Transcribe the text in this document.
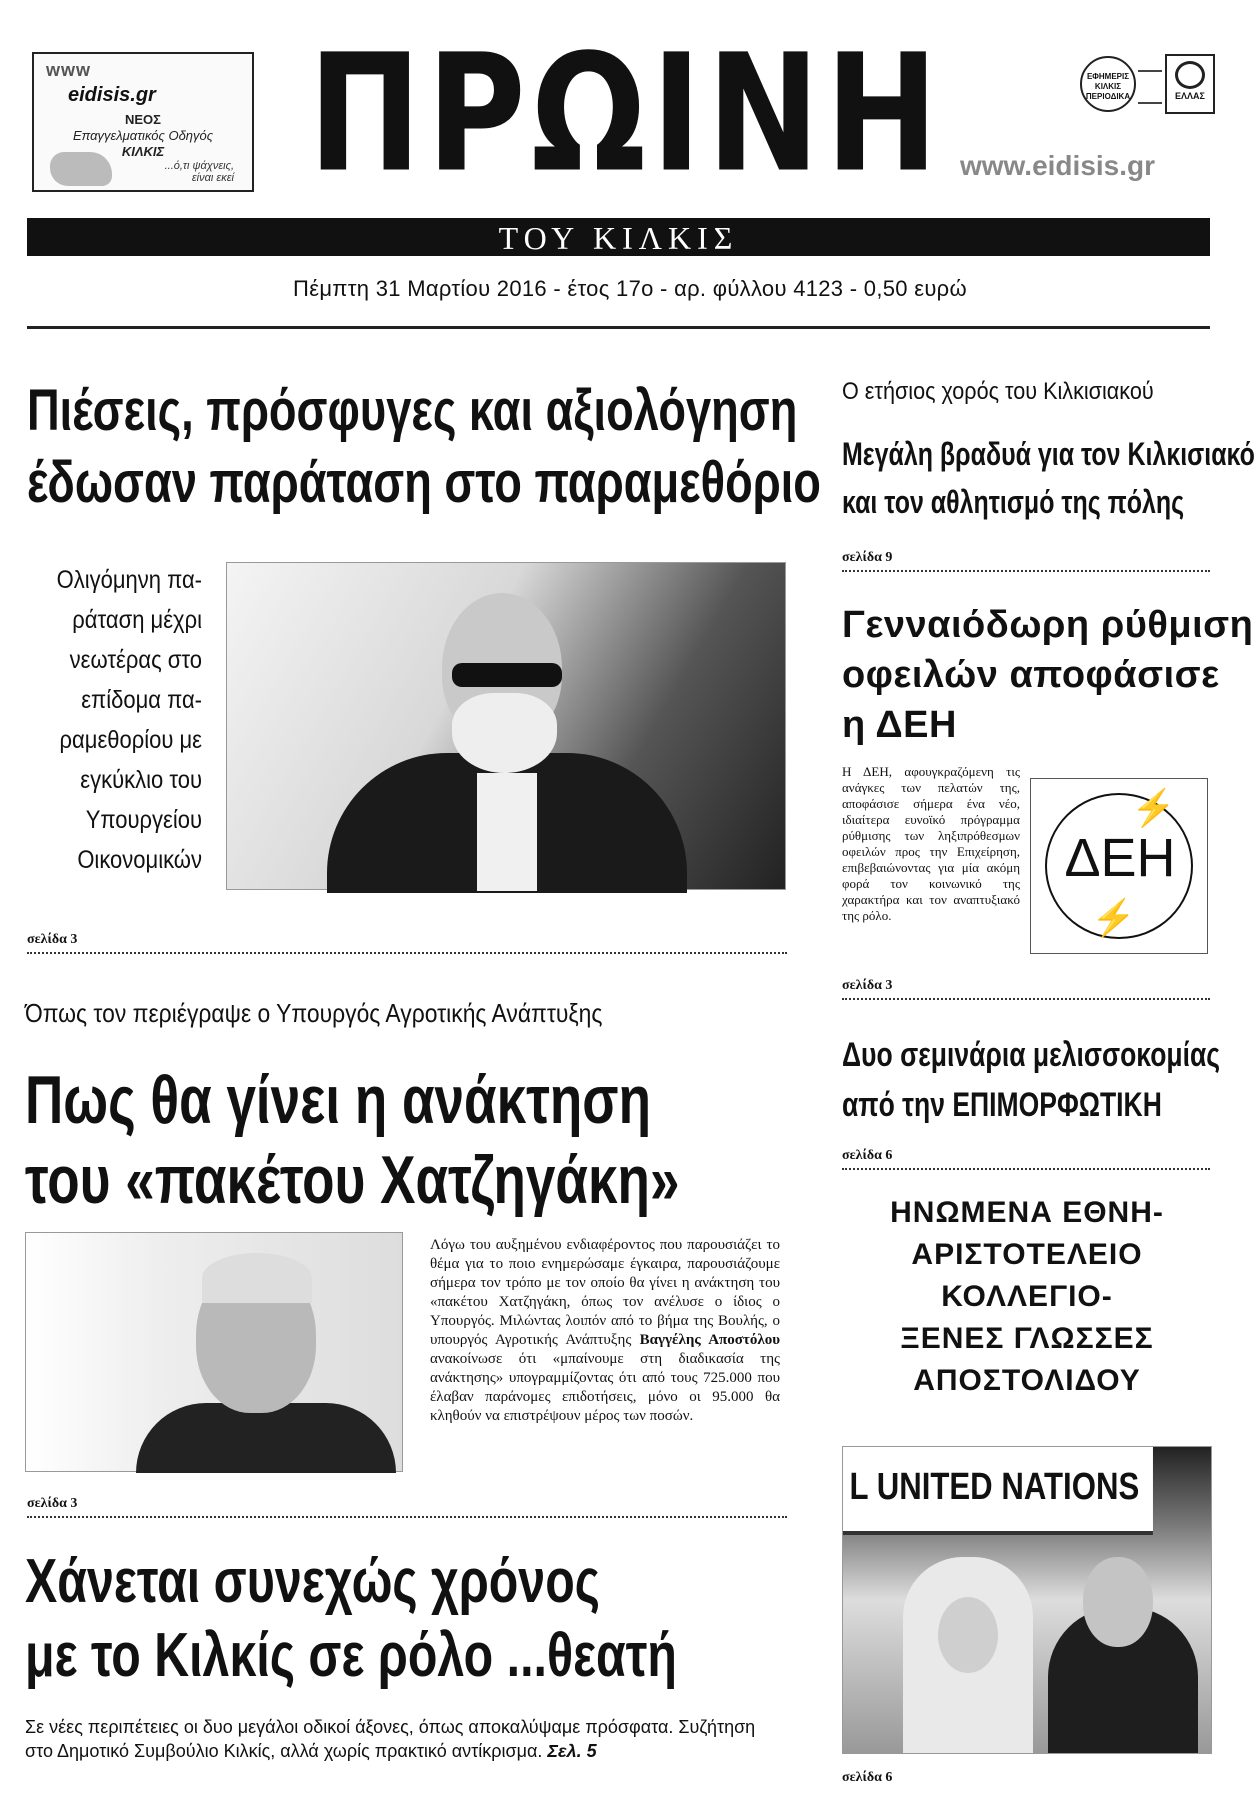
www
eidisis.gr
ΝΕΟΣ
Επαγγελματικός Οδηγός
ΚΙΛΚΙΣ
...ό,τι ψάχνεις,
είναι εκεί ΠΡΩΙΝΗ www.eidisis.gr
ΕΦΗΜΕΡΙΣ ΚΙΛΚΙΣ ΠΕΡΙΟΔΙΚΑ	ΕΛΛΑΣ
ΤΟΥ ΚΙΛΚΙΣ
Πέμπτη 31 Μαρτίου 2016 - έτος 17ο - αρ. φύλλου 4123 - 0,50 ευρώ
Πιέσεις, πρόσφυγες και αξιολόγηση
έδωσαν παράταση στο παραμεθόριο
Ολιγόμηνη πα-
ράταση μέχρι
νεωτέρας στο
επίδομα πα-
ραμεθορίου με
εγκύκλιο του
Υπουργείου
Οικονομικών
σελίδα 3
Όπως τον περιέγραψε ο Υπουργός Αγροτικής Ανάπτυξης
Πως θα γίνει η ανάκτηση
του «πακέτου Χατζηγάκη»
Λόγω του αυξημένου ενδιαφέροντος που παρουσιάζει το θέμα για το ποιο ενημερώσαμε έγκαιρα, παρουσιάζουμε σήμερα τον τρόπο με τον οποίο θα γίνει η ανάκτηση του «πακέτου Χατζηγάκη, όπως τον ανέλυσε ο ίδιος ο Υπουργός. Μιλώντας λοιπόν από το βήμα της Βουλής, ο υπουργός Αγροτικής Ανάπτυξης Βαγγέλης Αποστόλου ανακοίνωσε ότι «μπαίνουμε στη διαδικασία της ανάκτησης» υπογραμμίζοντας ότι από τους 725.000 που έλαβαν παράνομες επιδοτήσεις, μόνο οι 95.000 θα κληθούν να επιστρέψουν μέρος των ποσών.
σελίδα 3
Χάνεται συνεχώς χρόνος
με το Κιλκίς σε ρόλο ...θεατή
Σε νέες περιπέτειες οι δυο μεγάλοι οδικοί άξονες, όπως αποκαλύψαμε πρόσφατα. Συζήτηση στο Δημοτικό Συμβούλιο Κιλκίς, αλλά χωρίς πρακτικό αντίκρισμα. Σελ. 5
Ο ετήσιος χορός του Κιλκισιακού
Μεγάλη βραδυά για τον Κιλκισιακό
και τον αθλητισμό της πόλης
σελίδα 9
Γενναιόδωρη ρύθμιση
οφειλών αποφάσισε
η ΔΕΗ
Η ΔΕΗ, αφουγκραζόμενη τις ανάγκες των πελατών της, αποφάσισε σήμερα ένα νέο, ιδιαίτερα ευνοϊκό πρόγραμμα ρύθμισης των ληξιπρόθεσμων οφειλών προς την Επιχείρηση, επιβεβαιώνοντας για μία ακόμη φορά τον κοινωνικό της χαρακτήρα και τον αναπτυξιακό της ρόλο.
⚡
ΔΕΗ
⚡
σελίδα 3
Δυο σεμινάρια μελισσοκομίας
από την ΕΠΙΜΟΡΦΩΤΙΚΗ
σελίδα 6
ΗΝΩΜΕΝΑ ΕΘΝΗ-
ΑΡΙΣΤΟΤΕΛΕΙΟ
ΚΟΛΛΕΓΙΟ-
ΞΕΝΕΣ ΓΛΩΣΣΕΣ
ΑΠΟΣΤΟΛΙΔΟΥ
L UNITED NATIONS
σελίδα 6
